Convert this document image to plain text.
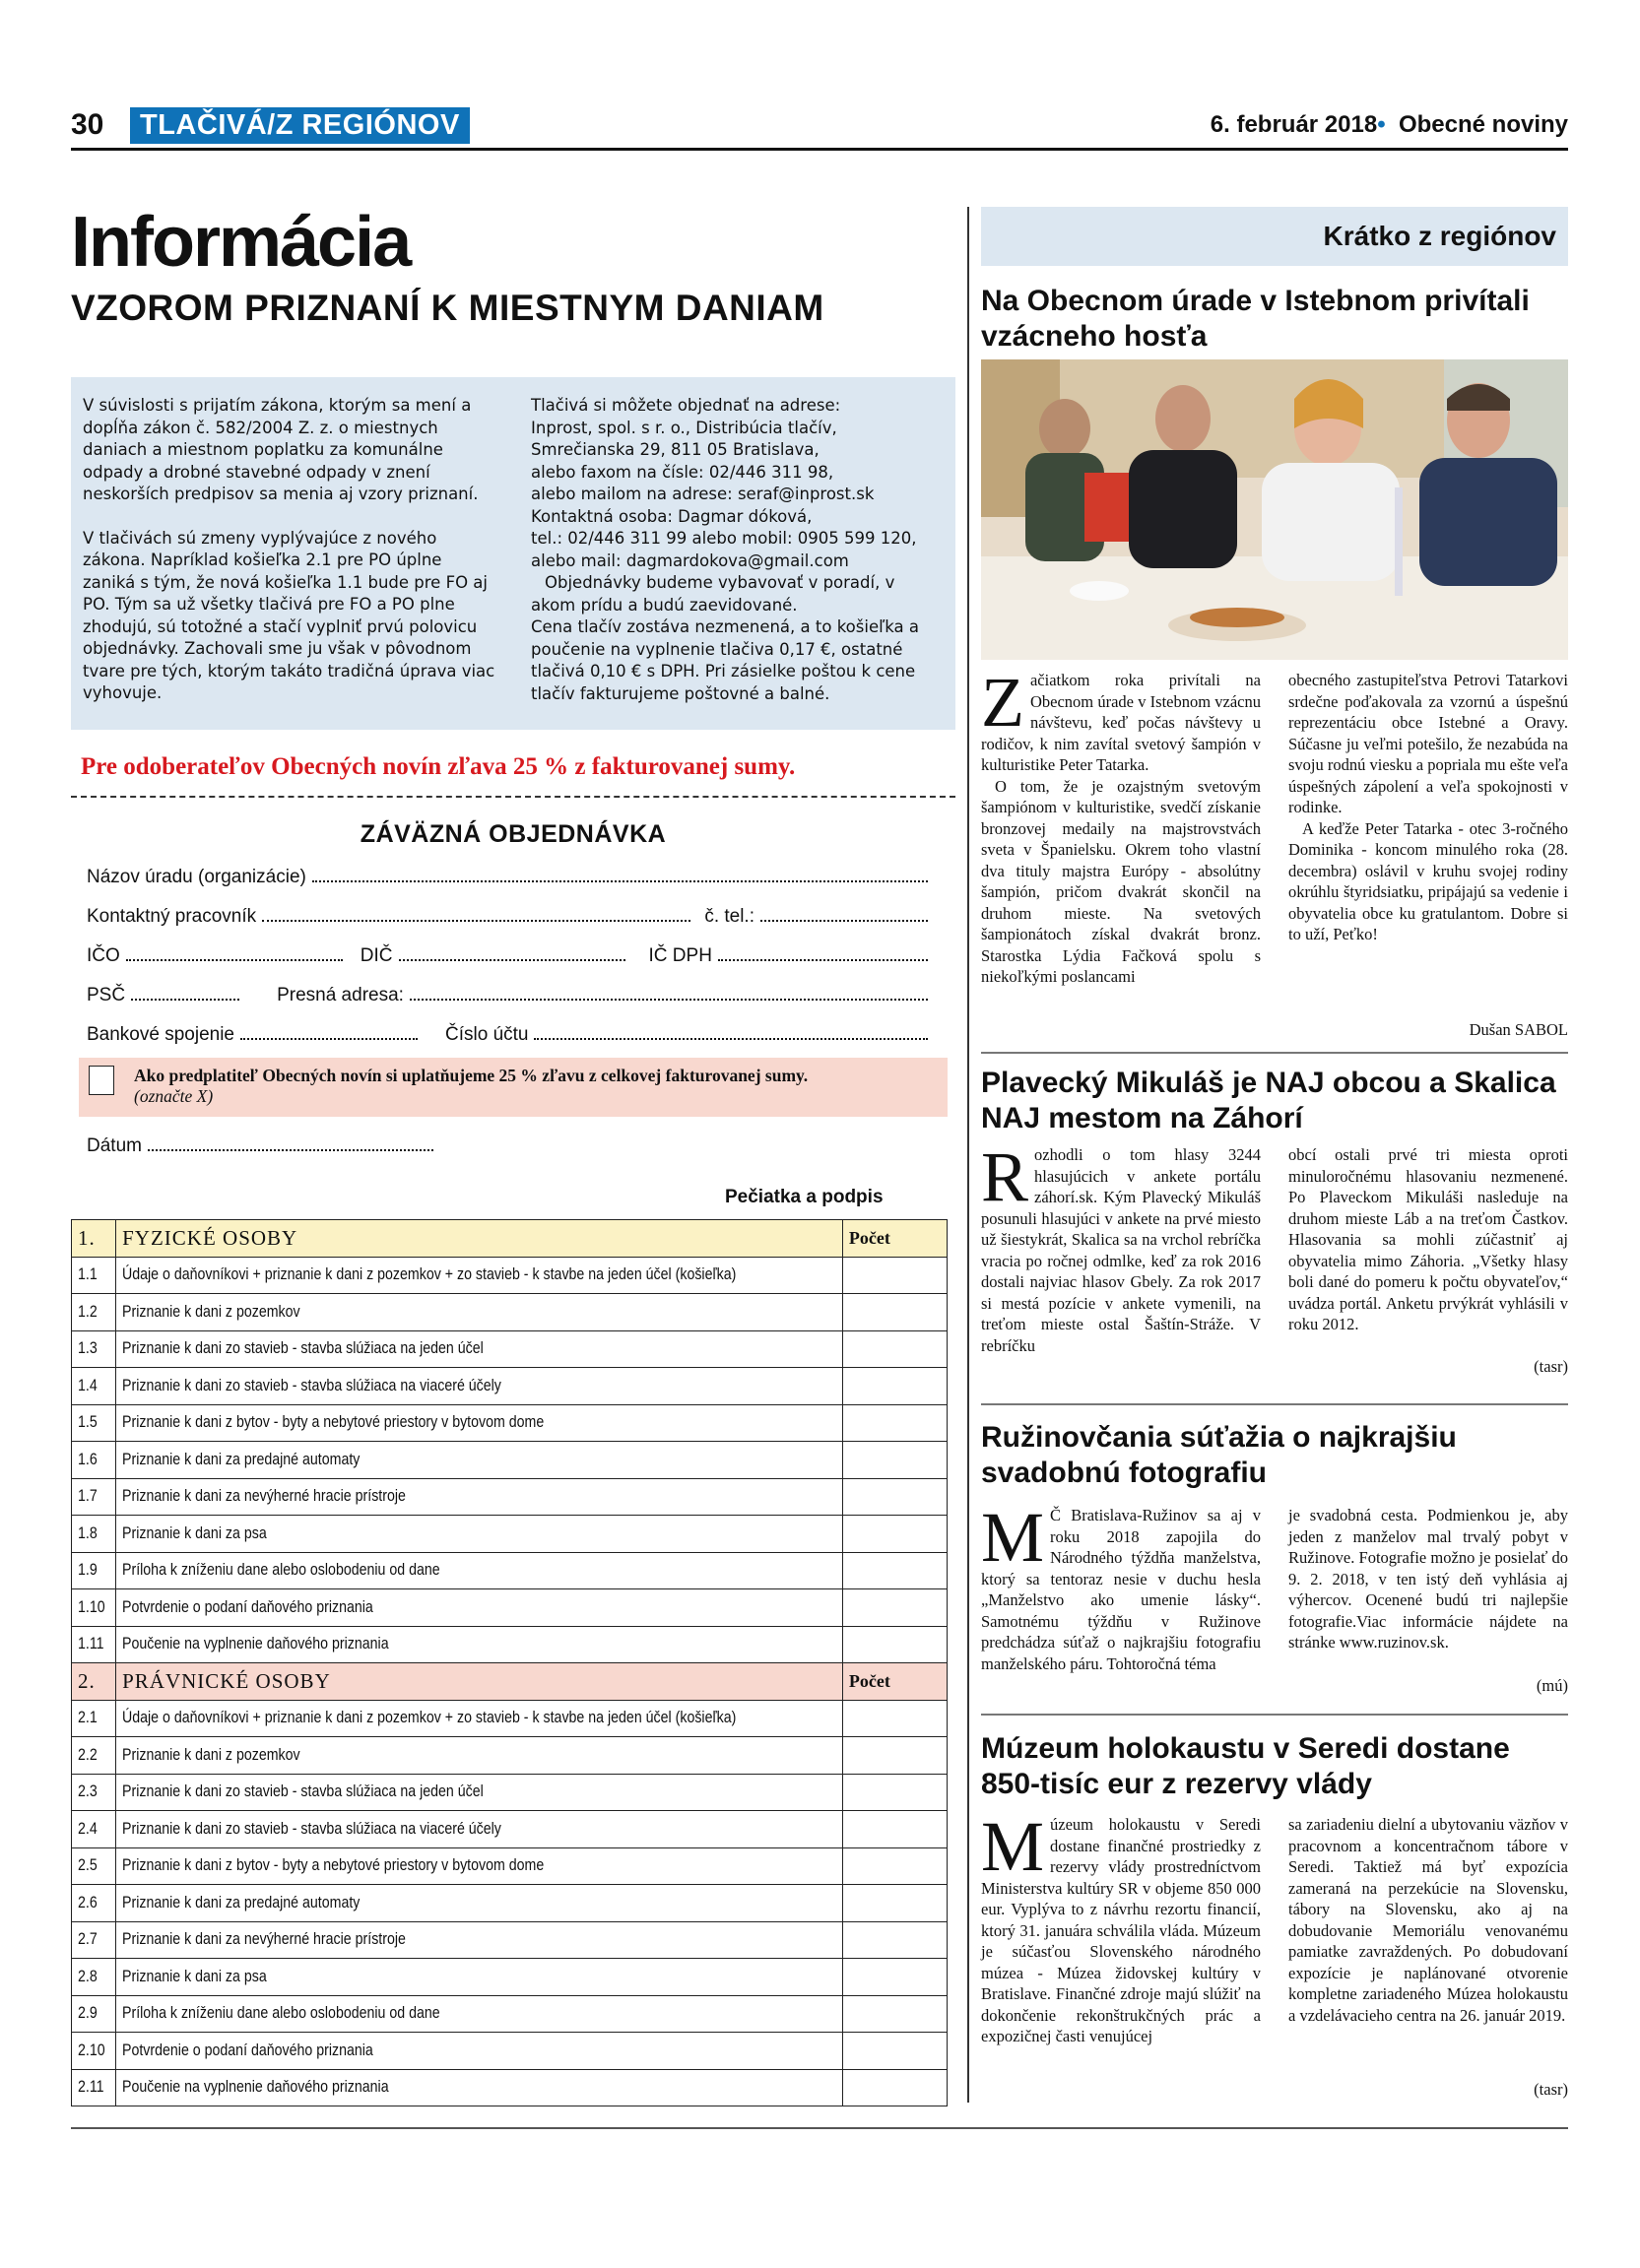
30	TLAČIVÁ/Z REGIÓNOV	6. február 2018• Obecné noviny
Informácia
VZOROM PRIZNANÍ K MIESTNYM DANIAM

V súvislosti s prijatím zákona, ktorým sa mení a dopĺňa zákon č. 582/2004 Z. z. o miestnych daniach a miestnom poplatku za komunálne odpady a drobné stavebné odpady v znení neskorších predpisov sa menia aj vzory priznaní.

V tlačivách sú zmeny vyplývajúce z nového zákona. Napríklad košieľka 2.1 pre PO úplne zaniká s tým, že nová košieľka 1.1 bude pre FO aj PO. Tým sa už všetky tlačivá pre FO a PO plne zhodujú, sú totožné a stačí vyplniť prvú polovicu objednávky. Zachovali sme ju však v pôvodnom tvare pre tých, ktorým takáto tradičná úprava viac vyhovuje.

Tlačivá si môžete objednať na adrese:
Inprost, spol. s r. o., Distribúcia tlačív, Smrečianska 29, 811 05 Bratislava,
alebo faxom na čísle: 02/446 311 98,
alebo mailom na adrese: seraf@inprost.sk
Kontaktná osoba: Dagmar dóková,
tel.: 02/446 311 99 alebo mobil: 0905 599 120,
alebo mail: dagmardokova@gmail.com
Objednávky budeme vybavovať v poradí, v akom prídu a budú zaevidované.
Cena tlačív zostáva nezmenená, a to košieľka a poučenie na vyplnenie tlačiva 0,17 €, ostatné tlačivá 0,10 € s DPH. Pri zásielke poštou k cene tlačív fakturujeme poštovné a balné.
Pre odoberateľov Obecných novín zľava 25 % z fakturovanej sumy.
ZÁVÄZNÁ OBJEDNÁVKA
Názov úradu (organizácie)
Kontaktný pracovník	č. tel.:
IČO	DIČ	IČ DPH
PSČ	Presná adresa:
Bankové spojenie	Číslo účtu
Ako predplatiteľ Obecných novín si uplatňujeme 25 % zľavu z celkovej fakturovanej sumy.
(označte X)
Dátum
Pečiatka a podpis
1.	FYZICKÉ OSOBY	Počet
1.1	Údaje o daňovníkovi + priznanie k dani z pozemkov + zo stavieb - k stavbe na jeden účel (košieľka)	
1.2	Priznanie k dani z pozemkov	
1.3	Priznanie k dani zo stavieb - stavba slúžiaca na jeden účel	
1.4	Priznanie k dani zo stavieb - stavba slúžiaca na viaceré účely	
1.5	Priznanie k dani z bytov - byty a nebytové priestory v bytovom dome	
1.6	Priznanie k dani za predajné automaty	
1.7	Priznanie k dani za nevýherné hracie prístroje	
1.8	Priznanie k dani za psa	
1.9	Príloha k zníženiu dane alebo oslobodeniu od dane	
1.10	Potvrdenie o podaní daňového priznania	
1.11	Poučenie na vyplnenie daňového priznania	
2.	PRÁVNICKÉ OSOBY	Počet
2.1	Údaje o daňovníkovi + priznanie k dani z pozemkov + zo stavieb - k stavbe na jeden účel (košieľka)	
2.2	Priznanie k dani z pozemkov	
2.3	Priznanie k dani zo stavieb - stavba slúžiaca na jeden účel	
2.4	Priznanie k dani zo stavieb - stavba slúžiaca na viaceré účely	
2.5	Priznanie k dani z bytov - byty a nebytové priestory v bytovom dome	
2.6	Priznanie k dani za predajné automaty	
2.7	Priznanie k dani za nevýherné hracie prístroje	
2.8	Priznanie k dani za psa	
2.9	Príloha k zníženiu dane alebo oslobodeniu od dane	
2.10	Potvrdenie o podaní daňového priznania	
2.11	Poučenie na vyplnenie daňového priznania	
Krátko z regiónov
Na Obecnom úrade v Istebnom privítali vzácneho hosťa

Začiatkom roka privítali na Obecnom úrade v Istebnom vzácnu návštevu, keď počas návštevy u rodičov, k nim zavítal svetový šampión v kulturistike Peter Tatarka.

O tom, že je ozajstným svetovým šampiónom v kulturistike, svedčí získanie bronzovej medaily na majstrovstvách sveta v Španielsku. Okrem toho vlastní dva tituly majstra Európy - absolútny šampión, pričom dvakrát skončil na druhom mieste. Na svetových šampionátoch získal dvakrát bronz. Starostka Lýdia Fačková spolu s niekoľkými poslancami

obecného zastupiteľstva Petrovi Tatarkovi srdečne poďakovala za vzornú a úspešnú reprezentáciu obce Istebné a Oravy. Súčasne ju veľmi potešilo, že nezabúda na svoju rodnú viesku a popriala mu ešte veľa úspešných zápolení a veľa spokojnosti v rodinke.

A keďže Peter Tatarka - otec 3-ročného Dominika - koncom minulého roka (28. decembra) oslávil v kruhu svojej rodiny okrúhlu štyridsiatku, pripájajú sa vedenie i obyvatelia obce ku gratulantom. Dobre si to uží, Peťko!

Dušan SABOL
Plavecký Mikuláš je NAJ obcou a Skalica NAJ mestom na Záhorí

Rozhodli o tom hlasy 3244 hlasujúcich v ankete portálu záhorí.sk. Kým Plavecký Mikuláš posunuli hlasujúci v ankete na prvé miesto už šiestykrát, Skalica sa na vrchol rebríčka vracia po ročnej odmlke, keď za rok 2016 dostali najviac hlasov Gbely. Za rok 2017 si mestá pozície v ankete vymenili, na treťom mieste ostal Šaštín-Stráže. V rebríčku

obcí ostali prvé tri miesta oproti minuloročnému hlasovaniu nezmenené. Po Plaveckom Mikuláši nasleduje na druhom mieste Láb a na treťom Častkov. Hlasovania sa mohli zúčastniť aj obyvatelia mimo Záhoria. „Všetky hlasy boli dané do pomeru k počtu obyvateľov,“ uvádza portál. Anketu prvýkrát vyhlásili v roku 2012.

(tasr)
Ružinovčania súťažia o najkrajšiu svadobnú fotografiu

M Č Bratislava-Ružinov sa aj v roku 2018 zapojila do Národného týždňa manželstva, ktorý sa tentoraz nesie v duchu hesla „Manželstvo ako umenie lásky“. Samotnému týždňu v Ružinove predchádza súťaž o najkrajšiu fotografiu manželského páru. Tohtoročná téma

je svadobná cesta. Podmienkou je, aby jeden z manželov mal trvalý pobyt v Ružinove. Fotografie možno je posielať do 9. 2. 2018, v ten istý deň vyhlásia aj výhercov. Ocenené budú tri najlepšie fotografie.Viac informácie nájdete na stránke www.ruzinov.sk.

(mú)
Múzeum holokaustu v Seredi dostane 850-tisíc eur z rezervy vlády

Múzeum holokaustu v Seredi dostane finančné prostriedky z rezervy vlády prostredníctvom Ministerstva kultúry SR v objeme 850 000 eur. Vyplýva to z návrhu rezortu financií, ktorý 31. januára schválila vláda. Múzeum je súčasťou Slovenského národného múzea - Múzea židovskej kultúry v Bratislave. Finančné zdroje majú slúžiť na dokončenie rekonštrukčných prác a expozičnej časti venujúcej

sa zariadeniu dielní a ubytovaniu väzňov v pracovnom a koncentračnom tábore v Seredi. Taktiež má byť expozícia zameraná na perzekúcie na Slovensku, tábory na Slovensku, ako aj na dobudovanie Memoriálu venovanému pamiatke zavraždených. Po dobudovaní expozície je naplánované otvorenie kompletne zariadeného Múzea holokaustu a vzdelávacieho centra na 26. január 2019.

(tasr)
